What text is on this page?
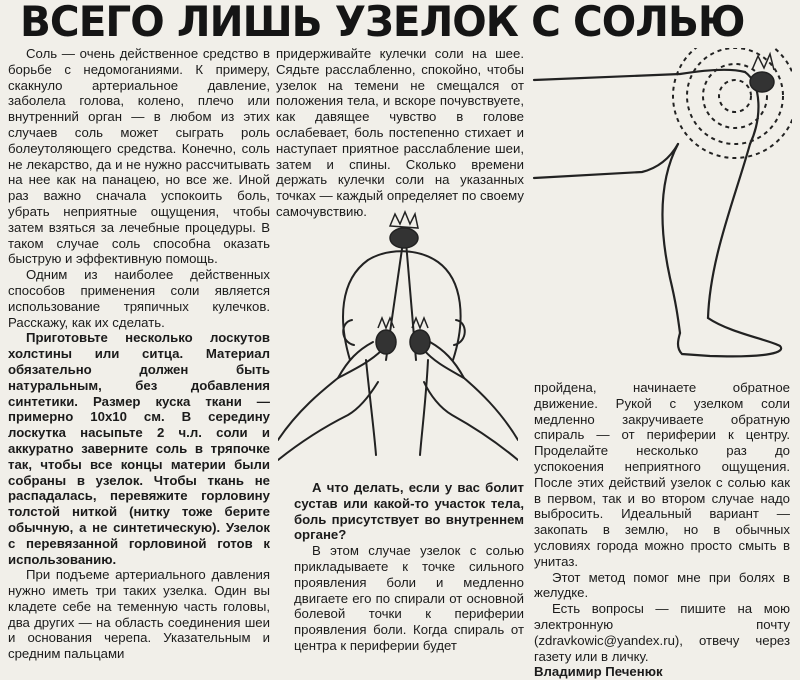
ВСЕГО ЛИШЬ УЗЕЛОК С СОЛЬЮ

Соль — очень действенное средство в борьбе с недомоганиями. К примеру, скакнуло артериальное давление, заболела голова, колено, плечо или внутренний орган — в любом из этих случаев соль может сыграть роль болеутоляющего средства. Конечно, соль не лекарство, да и не нужно рассчитывать на нее как на панацею, но все же. Иной раз важно сначала успокоить боль, убрать неприятные ощущения, чтобы затем взяться за лечебные процедуры. В таком случае соль способна оказать быструю и эффективную помощь.

Одним из наиболее действенных способов применения соли является использование тряпичных кулечков. Расскажу, как их сделать.

Приготовьте несколько лоскутов холстины или ситца. Материал обязательно должен быть натуральным, без добавления синтетики. Размер куска ткани — примерно 10х10 см. В середину лоскутка насыпьте 2 ч.л. соли и аккуратно заверните соль в тряпочке так, чтобы все концы материи были собраны в узелок. Чтобы ткань не распадалась, перевяжите горловину толстой ниткой (нитку тоже берите обычную, а не синтетическую). Узелок с перевязанной горловиной готов к использованию.

При подъеме артериального давления нужно иметь три таких узелка. Один вы кладете себе на теменную часть головы, два других — на область соединения шеи и основания черепа. Указательным и средним пальцами

придерживайте кулечки соли на шее. Сядьте расслабленно, спокойно, чтобы узелок на темени не смещался от положения тела, и вскоре почувствуете, как давящее чувство в голове ослабевает, боль постепенно стихает и наступает приятное расслабление шеи, затем и спины. Сколько времени держать кулечки соли на указанных точках — каждый определяет по своему самочувствию.

А что делать, если у вас болит сустав или какой-то участок тела, боль присутствует во внутреннем органе?

В этом случае узелок с солью прикладываете к точке сильного проявления боли и медленно двигаете его по спирали от основной болевой точки к периферии проявления боли. Когда спираль от центра к периферии будет

пройдена, начинаете обратное движение. Рукой с узелком соли медленно закручиваете обратную спираль — от периферии к центру. Проделайте несколько раз до успокоения неприятного ощущения. После этих действий узелок с солью как в первом, так и во втором случае надо выбросить. Идеальный вариант — закопать в землю, но в обычных условиях города можно просто смыть в унитаз.

Этот метод помог мне при болях в желудке.

Есть вопросы — пишите на мою электронную почту (zdravkowic@yandex.ru), отвечу через газету или в личку.

Владимир Печенюк
